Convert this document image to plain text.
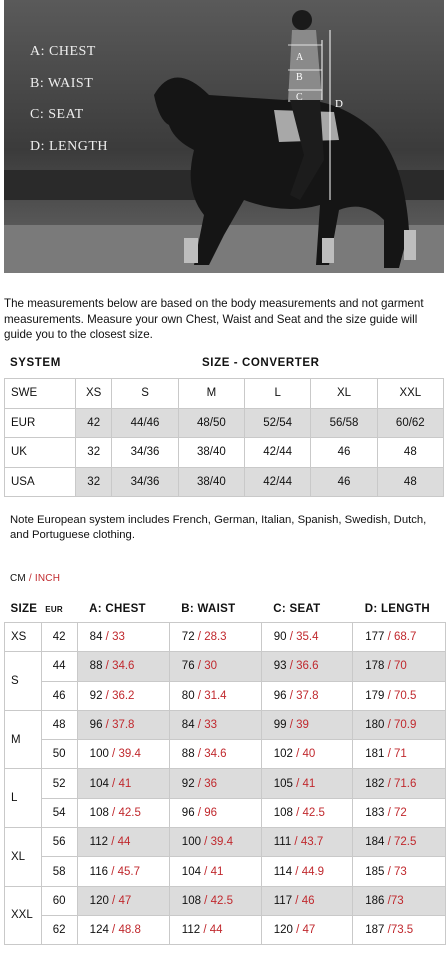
A
B
C
D
A: CHEST
B: WAIST
C: SEAT
D: LENGTH
The measurements below are based on the body measurements and not garment measurements. Measure your own Chest, Waist and Seat and the size guide will guide you to the closest size.
SYSTEM	SIZE - CONVERTER
SWE	XS	S	M	L	XL	XXL
EUR	42	44/46	48/50	52/54	56/58	60/62
UK	32	34/36	38/40	42/44	46	48
USA	32	34/36	38/40	42/44	46	48
Note European system includes French, German, Italian, Spanish, Swedish, Dutch, and Portuguese clothing.
CM / INCH
SIZE	EUR	A: CHEST	B: WAIST	C: SEAT	D: LENGTH
XS	42	84 / 33	72 / 28.3	90 / 35.4	177 / 68.7
S	44	88 / 34.6	76 / 30	93 / 36.6	178 / 70
	46	92 / 36.2	80 / 31.4	96 / 37.8	179 / 70.5
M	48	96 / 37.8	84 / 33	99 / 39	180 / 70.9
	50	100 / 39.4	88 / 34.6	102 / 40	181 / 71
L	52	104 / 41	92 / 36	105 / 41	182 / 71.6
	54	108 / 42.5	96 / 96	108 / 42.5	183 / 72
XL	56	112 / 44	100 / 39.4	111 / 43.7	184 / 72.5
	58	116 / 45.7	104 / 41	114 / 44.9	185 / 73
XXL	60	120 / 47	108 / 42.5	117 / 46	186 /73
	62	124 / 48.8	112 / 44	120 / 47	187 /73.5
